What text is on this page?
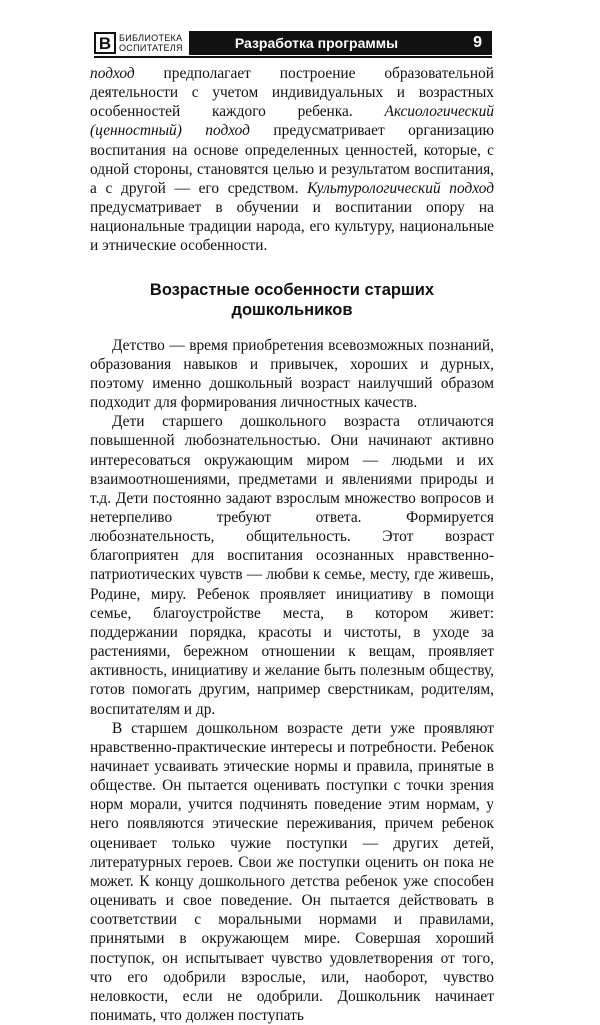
В БИБЛИОТЕКА
ОСПИТАТЕЛЯ	Разработка программы	9

подход предполагает построение образовательной деятельности с учетом индивидуальных и возрастных особенностей каждого ребенка. Аксиологический (ценностный) подход предусматривает организацию воспитания на основе определенных ценностей, которые, с одной стороны, становятся целью и результатом воспитания, а с другой — его средством. Культурологический подход предусматривает в обучении и воспитании опору на национальные традиции народа, его культуру, национальные и этнические особенности.

Возрастные особенности старших дошкольников

Детство — время приобретения всевозможных познаний, образования навыков и привычек, хороших и дурных, поэтому именно дошкольный возраст наилучший образом подходит для формирования личностных качеств.

Дети старшего дошкольного возраста отличаются повышенной любознательностью. Они начинают активно интересоваться окружающим миром — людьми и их взаимоотношениями, предметами и явлениями природы и т.д. Дети постоянно задают взрослым множество вопросов и нетерпеливо требуют ответа. Формируется любознательность, общительность. Этот возраст благоприятен для воспитания осознанных нравственно-патриотических чувств — любви к семье, месту, где живешь, Родине, миру. Ребенок проявляет инициативу в помощи семье, благоустройстве места, в котором живет: поддержании порядка, красоты и чистоты, в уходе за растениями, бережном отношении к вещам, проявляет активность, инициативу и желание быть полезным обществу, готов помогать другим, например сверстникам, родителям, воспитателям и др.

В старшем дошкольном возрасте дети уже проявляют нравственно-практические интересы и потребности. Ребенок начинает усваивать этические нормы и правила, принятые в обществе. Он пытается оценивать поступки с точки зрения норм морали, учится подчинять поведение этим нормам, у него появляются этические переживания, причем ребенок оценивает только чужие поступки — других детей, литературных героев. Свои же поступки оценить он пока не может. К концу дошкольного детства ребенок уже способен оценивать и свое поведение. Он пытается действовать в соответствии с моральными нормами и правилами, принятыми в окружающем мире. Совершая хороший поступок, он испытывает чувство удовлетворения от того, что его одобрили взрослые, или, наоборот, чувство неловкости, если не одобрили. Дошкольник начинает понимать, что должен поступать
